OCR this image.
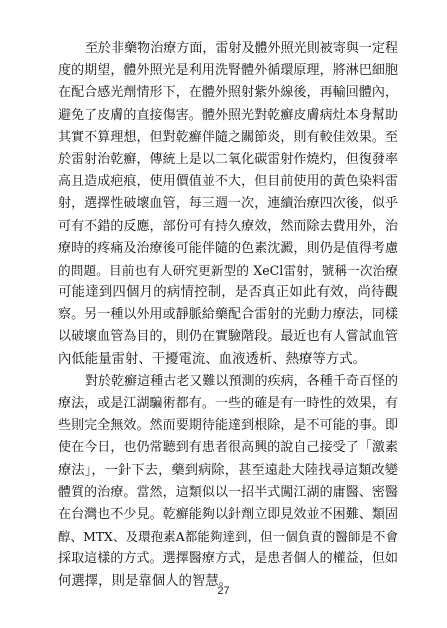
至於非藥物治療方面，雷射及體外照光則被寄與一定程
度的期望，體外照光是利用洗腎體外循環原理，將淋巴細胞
在配合感光劑情形下，在體外照射紫外線後，再輸回體內，
避免了皮膚的直接傷害。體外照光對乾癬皮膚病灶本身幫助
其實不算理想，但對乾癬伴隨之關節炎，則有較佳效果。至
於雷射治乾癬，傳統上是以二氧化碳雷射作燒灼，但復發率
高且造成疤痕，使用價值並不大，但目前使用的黃色染料雷
射，選擇性破壞血管，每三週一次，連續治療四次後，似乎
可有不錯的反應，部份可有持久療效，然而除去費用外，治
療時的疼痛及治療後可能伴隨的色素沈澱，則仍是值得考慮
的問題。目前也有人研究更新型的 XeCl雷射，號稱一次治療
可能達到四個月的病情控制，是否真正如此有效，尚待觀
察。另一種以外用或靜脈給藥配合雷射的光動力療法，同樣
以破壞血管為目的，則仍在實驗階段。最近也有人嘗試血管
內低能量雷射、干擾電流、血液透析、熱療等方式。
對於乾癬這種古老又難以預測的疾病，各種千奇百怪的
療法，或是江湖騙術都有。一些的確是有一時性的效果，有
些則完全無效。然而要期待能達到根除，是不可能的事。即
使在今日，也仍常聽到有患者很高興的說自己接受了「激素
療法」，一針下去，藥到病除，甚至遠赴大陸找尋這類改變
體質的治療。當然，這類似以一招半式闖江湖的庸醫、密醫
在台灣也不少見。乾癬能夠以針劑立即見效並不困難、類固
醇、MTX、及環孢素A都能夠達到，但一個負責的醫師是不會
採取這樣的方式。選擇醫療方式，是患者個人的權益，但如
何選擇，則是靠個人的智慧。
27
